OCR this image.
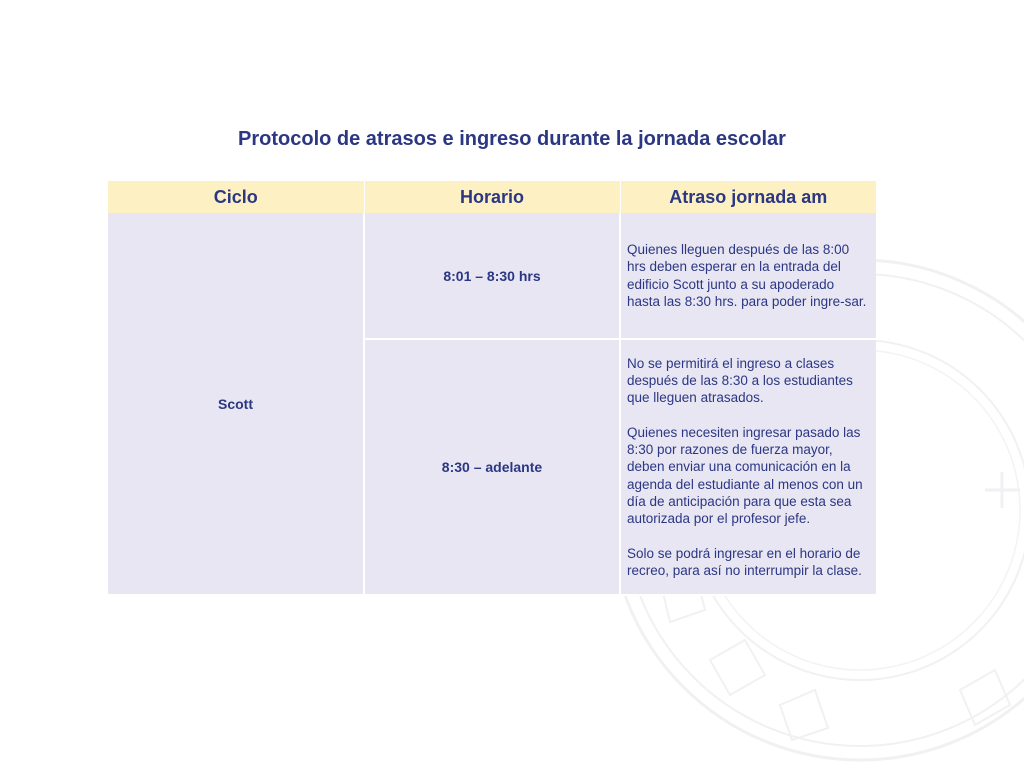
Protocolo de atrasos e ingreso durante la jornada escolar
Ciclo	Horario	Atraso jornada am
Scott	8:01 – 8:30 hrs	Quienes lleguen después de las 8:00 hrs deben esperar en la entrada del edificio Scott junto a su apoderado hasta las 8:30 hrs. para poder ingre-sar.

	8:30 – adelante	No se permitirá el ingreso a clases después de las 8:30 a los estudiantes que lleguen atrasados.

Quienes necesiten ingresar pasado las 8:30 por razones de fuerza mayor, deben enviar una comunicación en la agenda del estudiante al menos con un día de anticipación para que esta sea autorizada por el profesor jefe.

Solo se podrá ingresar en el horario de recreo, para así no interrumpir la clase.
